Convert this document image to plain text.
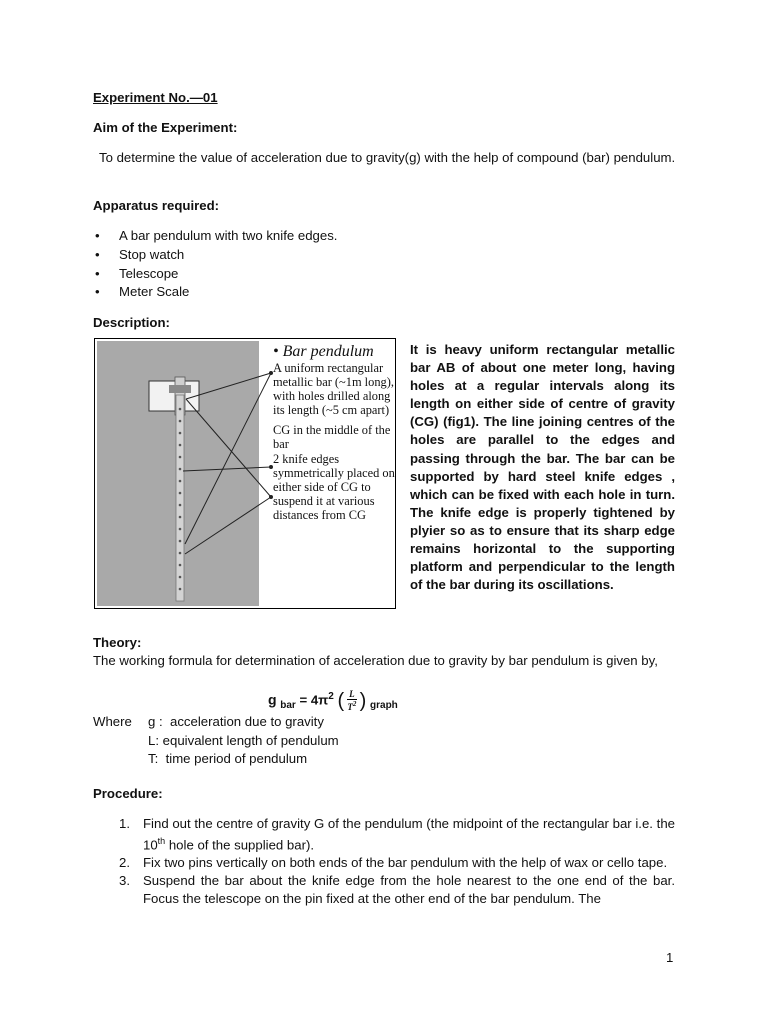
Experiment No.—01
Aim of the Experiment:
To determine the value of acceleration due to gravity(g) with the help of compound (bar) pendulum.
Apparatus required:
• A bar pendulum with two knife edges.
• Stop watch
• Telescope
• Meter Scale
Description:

• Bar pendulum

A uniform rectangular metallic bar (~1m long), with holes drilled along its length (~5 cm apart)

CG in the middle of the bar

2 knife edges symmetrically placed on either side of CG to suspend it at various distances from CG

It is heavy uniform rectangular metallic bar AB of about one meter long, having holes at a regular intervals along its length on either side of centre of gravity (CG) (fig1). The line joining centres of the holes are parallel to the edges and passing through the bar. The bar can be supported by hard steel knife edges , which can be fixed with each hole in turn. The knife edge is properly tightened by plyier so as to ensure that its sharp edge remains horizontal to the supporting platform and perpendicular to the length of the bar during its oscillations.
Theory:
The working formula for determination of acceleration due to gravity by bar pendulum is given by,
g $_{bar} = 4\pi^2$ ( $\frac{L}{T^2}$ ) $_{graph}$
Where g : acceleration due to gravity
L: equivalent length of pendulum
T: time period of pendulum
Procedure:
1. Find out the centre of gravity G of the pendulum (the midpoint of the rectangular bar i.e. the 10th hole of the supplied bar).
2. Fix two pins vertically on both ends of the bar pendulum with the help of wax or cello tape.
3. Suspend the bar about the knife edge from the hole nearest to the one end of the bar. Focus the telescope on the pin fixed at the other end of the bar pendulum. The
1
